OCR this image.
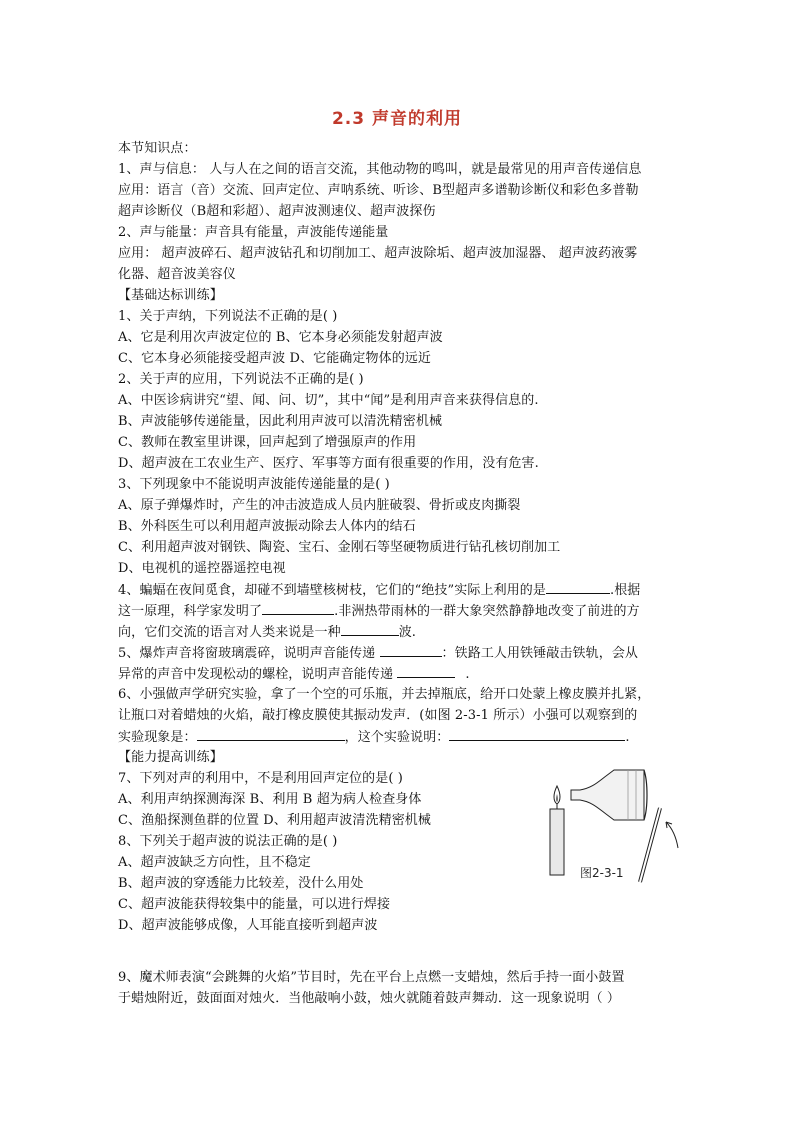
2.3 声音的利用
本节知识点：
1、声与信息： 人与人在之间的语言交流，其他动物的鸣叫，就是最常见的用声音传递信息
应用：语言（音）交流、回声定位、声呐系统、听诊、B型超声多谱勒诊断仪和彩色多普勒
超声诊断仪（B超和彩超）、超声波测速仪、超声波探伤
2、声与能量：声音具有能量，声波能传递能量
应用： 超声波碎石、超声波钻孔和切削加工、超声波除垢、超声波加湿器、 超声波药液雾
化器、超音波美容仪
【基础达标训练】
1、关于声纳，下列说法不正确的是( )
A、它是利用次声波定位的 B、它本身必须能发射超声波
C、它本身必须能接受超声波 D、它能确定物体的远近
2、关于声的应用，下列说法不正确的是( )
A、中医诊病讲究“望、闻、问、切”，其中“闻”是利用声音来获得信息的.
B、声波能够传递能量，因此利用声波可以清洗精密机械
C、教师在教室里讲课，回声起到了增强原声的作用
D、超声波在工农业生产、医疗、军事等方面有很重要的作用，没有危害.
3、下列现象中不能说明声波能传递能量的是( )
A、原子弹爆炸时，产生的冲击波造成人员内脏破裂、骨折或皮肉撕裂
B、外科医生可以利用超声波振动除去人体内的结石
C、利用超声波对钢铁、陶瓷、宝石、金刚石等坚硬物质进行钻孔核切削加工
D、电视机的遥控器遥控电视
4、蝙蝠在夜间觅食，却碰不到墙壁核树枝，它们的“绝技”实际上利用的是	.根据
这一原理，科学家发明了	.非洲热带雨林的一群大象突然静静地改变了前进的方
向，它们交流的语言对人类来说是一种	波.
5、爆炸声音将窗玻璃震碎，说明声音能传递	：铁路工人用铁锤敲击铁轨，会从
异常的声音中发现松动的螺栓，说明声音能传递	.
6、小强做声学研究实验，拿了一个空的可乐瓶，并去掉瓶底，给开口处蒙上橡皮膜并扎紧，
让瓶口对着蜡烛的火焰，敲打橡皮膜使其振动发声．(如图 2-3-1 所示）小强可以观察到的
实验现象是：	，这个实验说明：	.
【能力提高训练】
7、下列对声的利用中，不是利用回声定位的是( )
A、利用声纳探测海深 B、利用 B 超为病人检查身体
C、渔船探测鱼群的位置 D、利用超声波清洗精密机械
8、下列关于超声波的说法正确的是( )
A、超声波缺乏方向性，且不稳定
B、超声波的穿透能力比较差，没什么用处
C、超声波能获得较集中的能量，可以进行焊接
D、超声波能够成像，人耳能直接听到超声波
图2-3-1
9、魔术师表演“会跳舞的火焰”节目时，先在平台上点燃一支蜡烛，然后手持一面小鼓置
于蜡烛附近，鼓面面对烛火．当他敲响小鼓，烛火就随着鼓声舞动．这一现象说明（ ）
